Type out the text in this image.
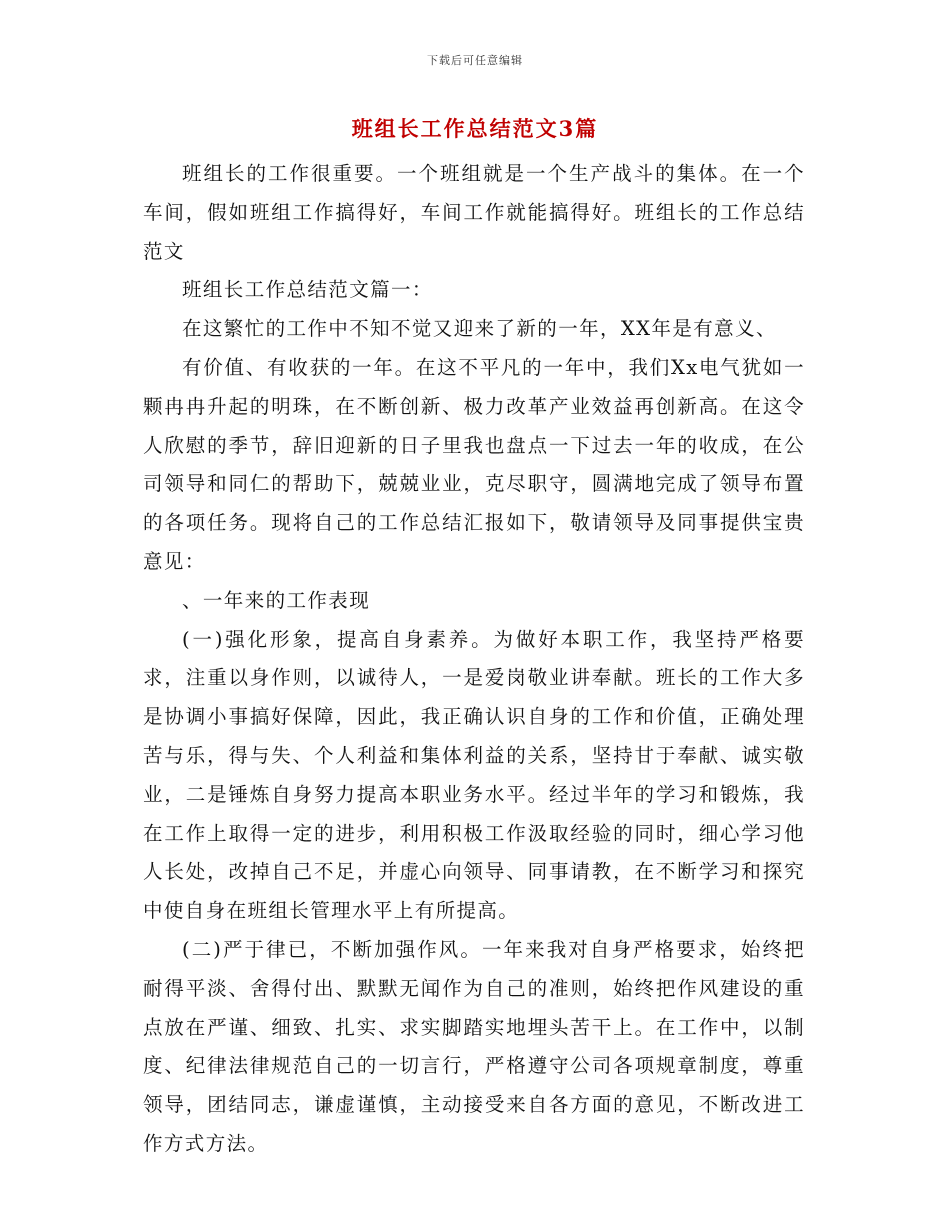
下载后可任意编辑
班组长工作总结范文3篇

班组长的工作很重要。一个班组就是一个生产战斗的集体。在一个车间，假如班组工作搞得好，车间工作就能搞得好。班组长的工作总结范文

班组长工作总结范文篇一：

在这繁忙的工作中不知不觉又迎来了新的一年，XX年是有意义、

有价值、有收获的一年。在这不平凡的一年中，我们Xx电气犹如一颗冉冉升起的明珠，在不断创新、极力改革产业效益再创新高。在这令人欣慰的季节，辞旧迎新的日子里我也盘点一下过去一年的收成，在公司领导和同仁的帮助下，兢兢业业，克尽职守，圆满地完成了领导布置的各项任务。现将自己的工作总结汇报如下，敬请领导及同事提供宝贵意见：

、一年来的工作表现

(一)强化形象，提高自身素养。为做好本职工作，我坚持严格要求，注重以身作则，以诚待人，一是爱岗敬业讲奉献。班长的工作大多是协调小事搞好保障，因此，我正确认识自身的工作和价值，正确处理苦与乐，得与失、个人利益和集体利益的关系，坚持甘于奉献、诚实敬业，二是锤炼自身努力提高本职业务水平。经过半年的学习和锻炼，我在工作上取得一定的进步，利用积极工作汲取经验的同时，细心学习他人长处，改掉自己不足，并虚心向领导、同事请教，在不断学习和探究中使自身在班组长管理水平上有所提高。

(二)严于律已，不断加强作风。一年来我对自身严格要求，始终把耐得平淡、舍得付出、默默无闻作为自己的准则，始终把作风建设的重点放在严谨、细致、扎实、求实脚踏实地埋头苦干上。在工作中，以制度、纪律法律规范自己的一切言行，严格遵守公司各项规章制度，尊重领导，团结同志，谦虚谨慎，主动接受来自各方面的意见，不断改进工作方式方法。
